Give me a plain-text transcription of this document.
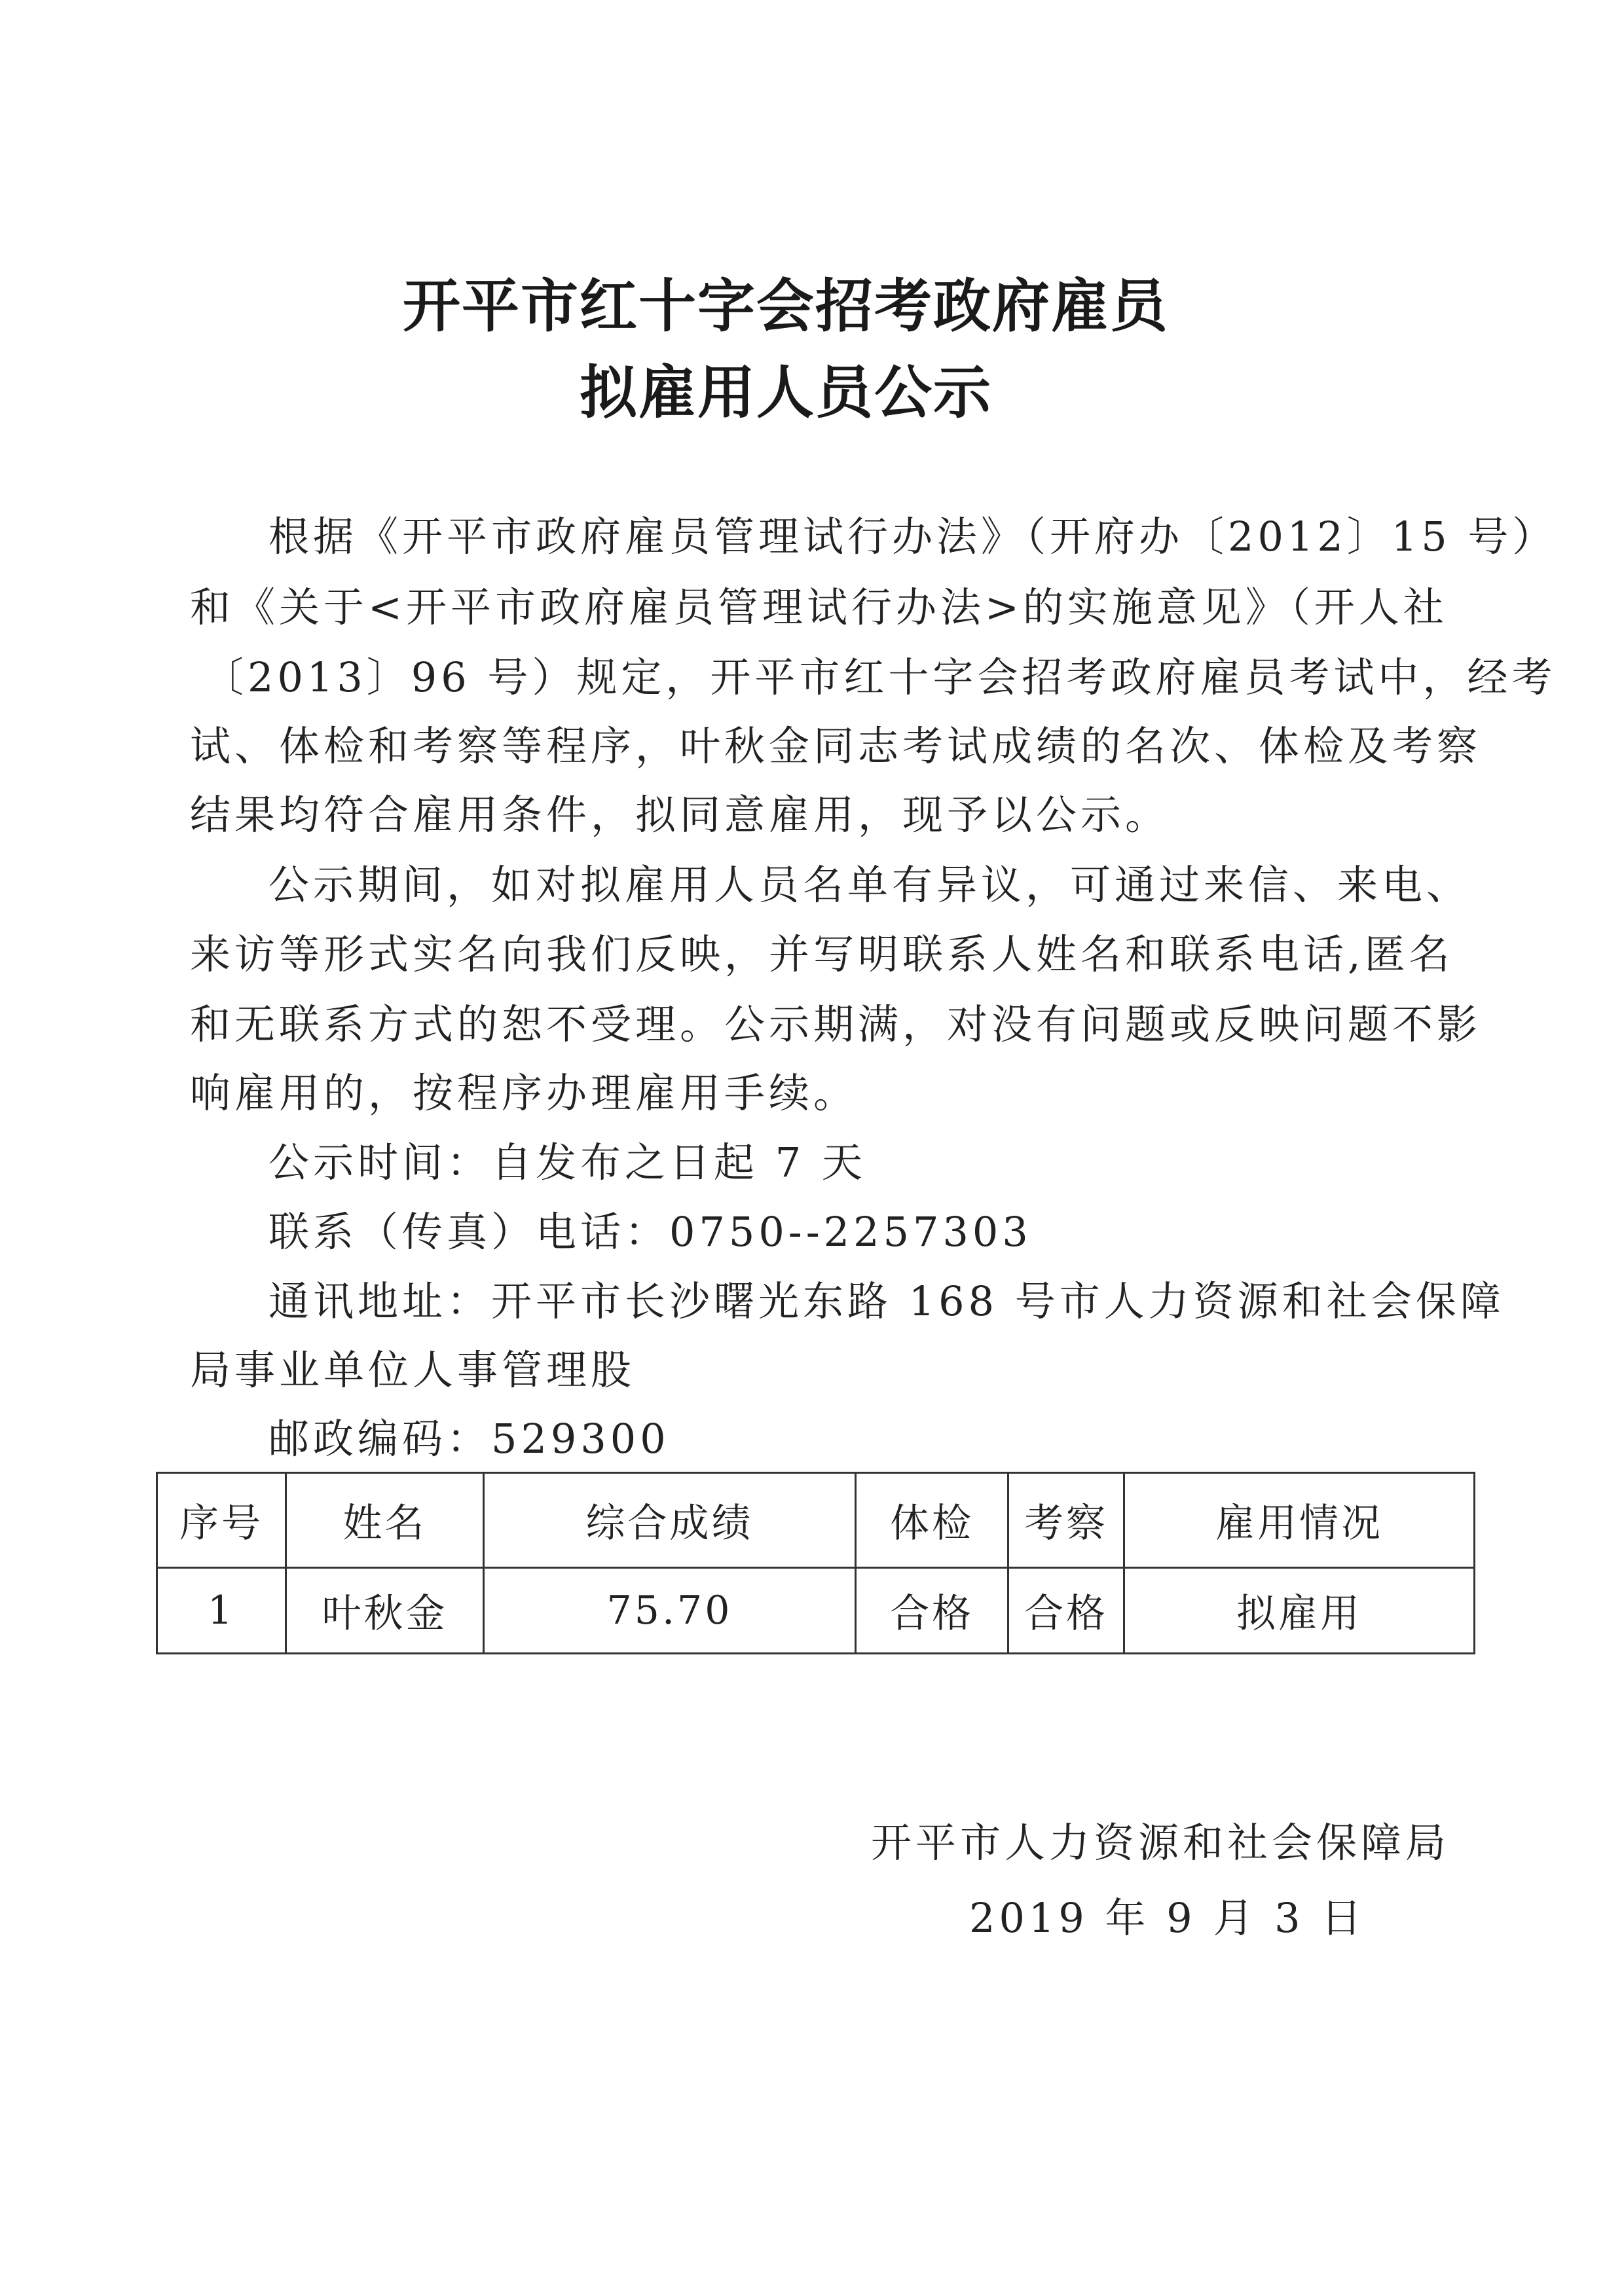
开平市红十字会招考政府雇员
拟雇用人员公示
根据《开平市政府雇员管理试行办法》（开府办〔2012〕15 号）
和《关于<开平市政府雇员管理试行办法>的实施意见》（开人社
〔2013〕96 号）规定，开平市红十字会招考政府雇员考试中，经考
试、体检和考察等程序，叶秋金同志考试成绩的名次、体检及考察
结果均符合雇用条件，拟同意雇用，现予以公示。
公示期间，如对拟雇用人员名单有异议，可通过来信、来电、
来访等形式实名向我们反映，并写明联系人姓名和联系电话,匿名
和无联系方式的恕不受理。公示期满，对没有问题或反映问题不影
响雇用的，按程序办理雇用手续。
公示时间：自发布之日起 7 天
联系（传真）电话：0750--2257303
通讯地址：开平市长沙曙光东路 168 号市人力资源和社会保障
局事业单位人事管理股
邮政编码：529300
序号	姓名	综合成绩	体检	考察	雇用情况
1	叶秋金	75.70	合格	合格	拟雇用
开平市人力资源和社会保障局
2019 年 9 月 3 日
